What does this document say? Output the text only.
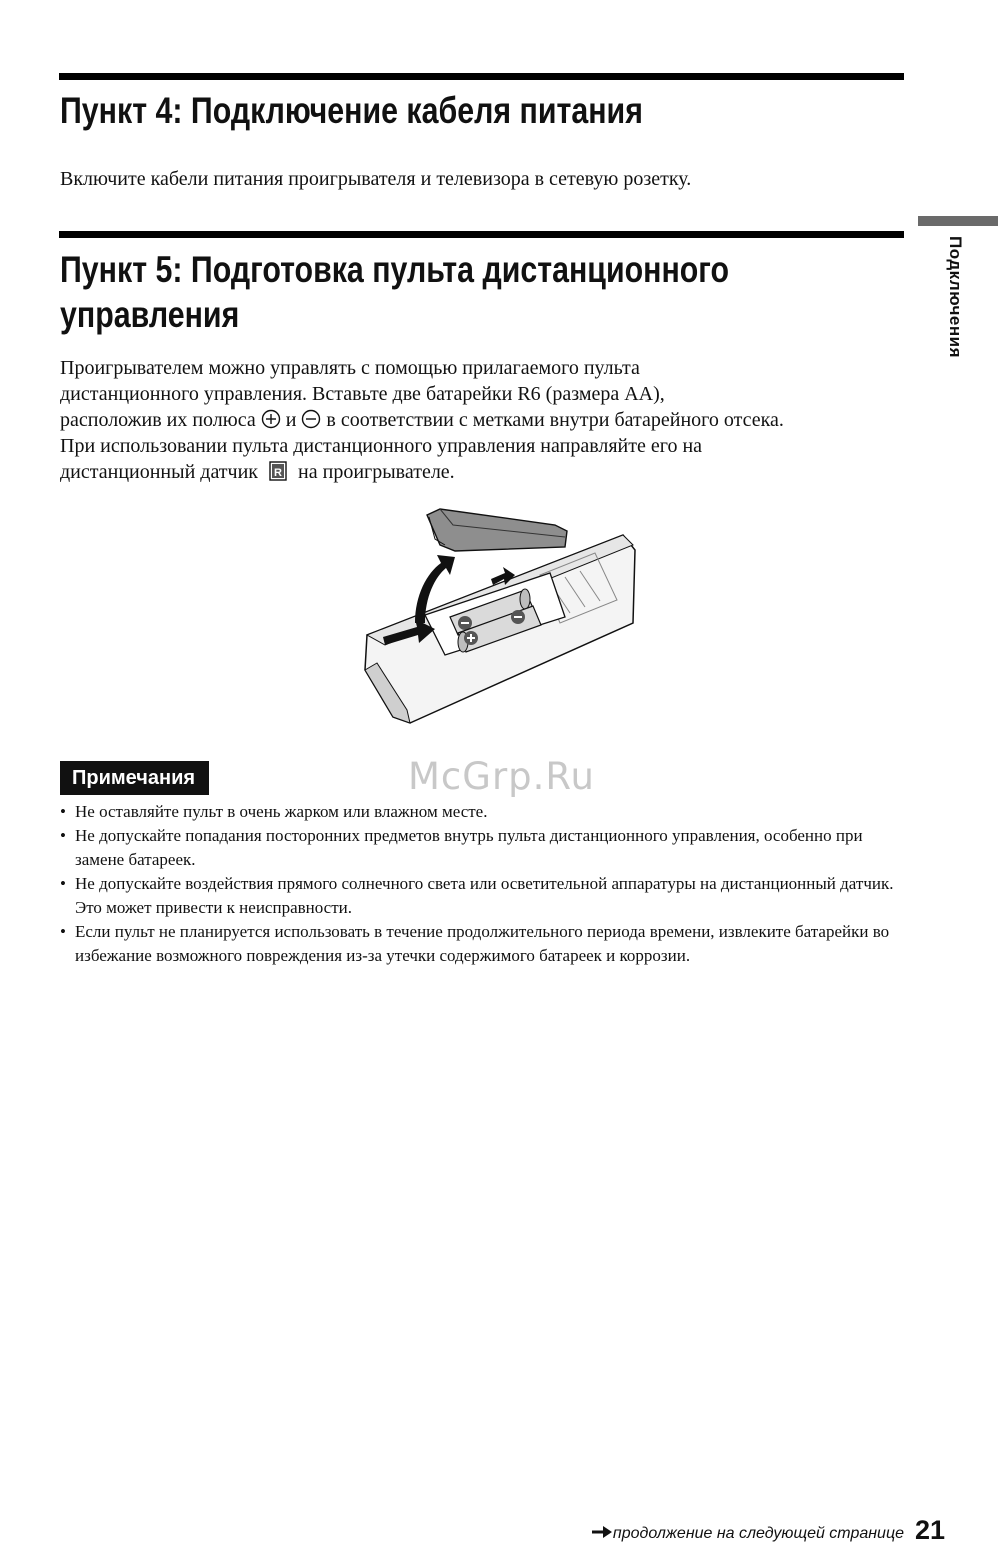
Пункт 4: Подключение кабеля питания

Включите кабели питания проигрывателя и телевизора в сетевую розетку.

Пункт 5: Подготовка пульта дистанционного
управления	Подключения

Проигрывателем можно управлять с помощью прилагаемого пульта

дистанционного управления. Вставьте две батарейки R6 (размера AA),

расположив их полюса и в соответствии с метками внутри батарейного отсека.

При использовании пульта дистанционного управления направляйте его на

дистанционный датчик R на проигрывателе.

Примечания	McGrp.Ru
• Не оставляйте пульт в очень жарком или влажном месте.
• Не допускайте попадания посторонних предметов внутрь пульта дистанционного управления, особенно при замене батареек.
• Не допускайте воздействия прямого солнечного света или осветительной аппаратуры на дистанционный датчик. Это может привести к неисправности.
• Если пульт не планируется использовать в течение продолжительного периода времени, извлеките батарейки во избежание возможного повреждения из-за утечки содержимого батареек и коррозии.
продолжение на следующей странице 21
